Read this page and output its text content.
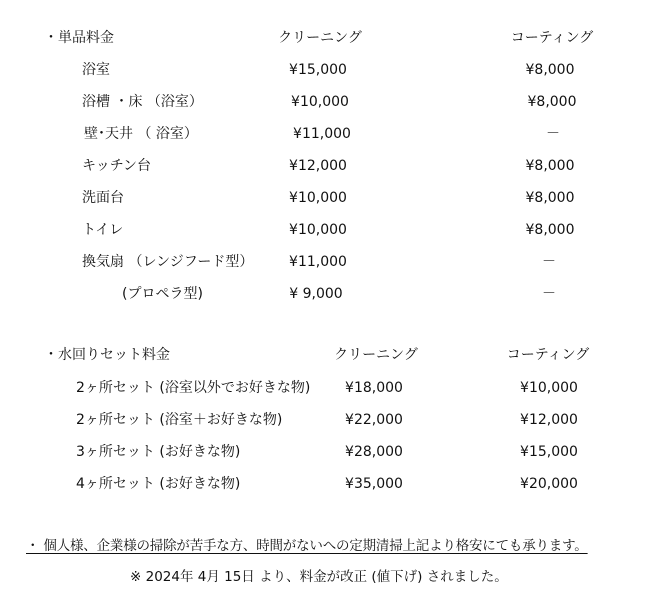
・単品料金	クリーニング	コーティング
浴室	¥15,000	¥8,000
浴槽 ・床 （浴室）	¥10,000	¥8,000
壁･天井 （ 浴室）	¥11,000	－
キッチン台	¥12,000	¥8,000
洗面台	¥10,000	¥8,000
トイレ	¥10,000	¥8,000
換気扇 （レンジフード型）	¥11,000	－
(プロペラ型)	¥ 9,000	－
・水回りセット料金	クリーニング	コーティング
2ヶ所セット (浴室以外でお好きな物) ¥18,000	¥10,000
2ヶ所セット (浴室＋お好きな物)	¥22,000	¥12,000
3ヶ所セット (お好きな物)	¥28,000	¥15,000
4ヶ所セット (お好きな物)	¥35,000	¥20,000
・ 個人様、企業様の掃除が苦手な方、時間がないへの定期清掃上記より格安にても承ります。
※ 2024年 4月 15日 より、料金が改正 (値下げ) されました。
